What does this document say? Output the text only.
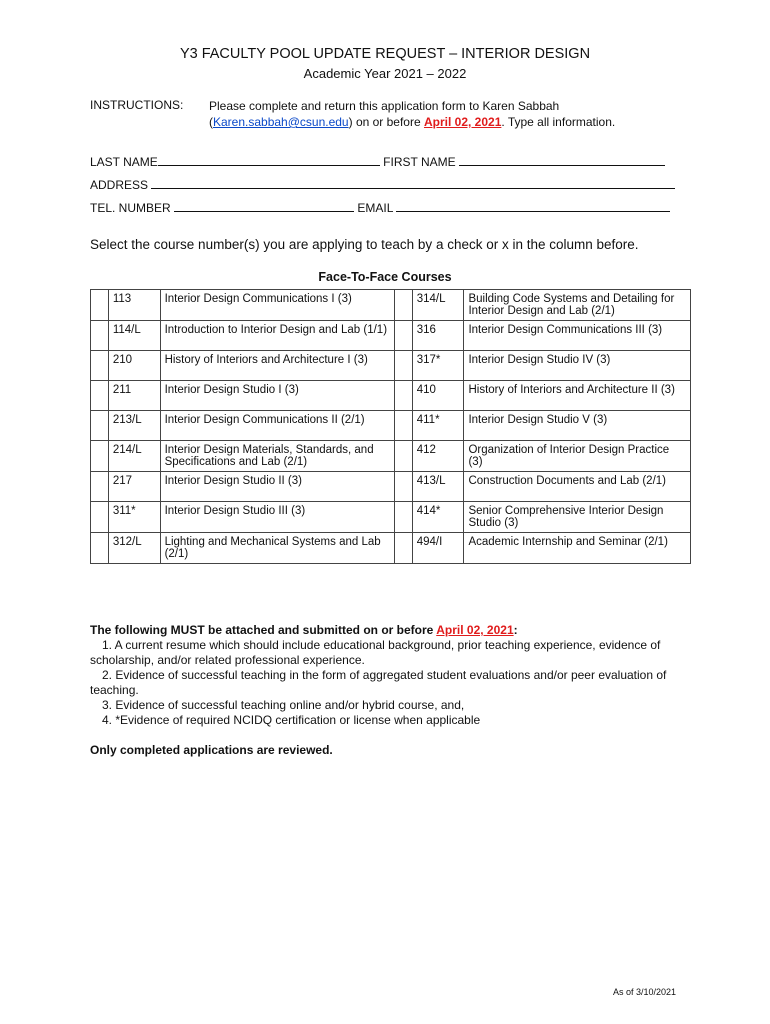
Y3 FACULTY POOL UPDATE REQUEST – INTERIOR DESIGN
Academic Year 2021 – 2022
INSTRUCTIONS: Please complete and return this application form to Karen Sabbah
(Karen.sabbah@csun.edu) on or before April 02, 2021. Type all information.
LAST NAME	FIRST NAME
ADDRESS
TEL. NUMBER	EMAIL
Select the course number(s) you are applying to teach by a check or x in the column before.
Face-To-Face Courses
	113	Interior Design Communications I (3)		314/L	Building Code Systems and Detailing for Interior Design and Lab (2/1)
	114/L	Introduction to Interior Design and Lab (1/1)		316	Interior Design Communications III (3)
	210	History of Interiors and Architecture I (3)		317*	Interior Design Studio IV (3)
	211	Interior Design Studio I (3)		410	History of Interiors and Architecture II (3)
	213/L	Interior Design Communications II (2/1)		411*	Interior Design Studio V (3)
	214/L	Interior Design Materials, Standards, and Specifications and Lab (2/1)		412	Organization of Interior Design Practice (3)
	217	Interior Design Studio II (3)		413/L	Construction Documents and Lab (2/1)
	311*	Interior Design Studio III (3)		414*	Senior Comprehensive Interior Design Studio (3)
	312/L	Lighting and Mechanical Systems and Lab (2/1)		494/I	Academic Internship and Seminar (2/1)
The following MUST be attached and submitted on or before April 02, 2021:
1. A current resume which should include educational background, prior teaching experience, evidence of scholarship, and/or related professional experience.
2. Evidence of successful teaching in the form of aggregated student evaluations and/or peer evaluation of teaching.
3. Evidence of successful teaching online and/or hybrid course, and,
4. *Evidence of required NCIDQ certification or license when applicable
Only completed applications are reviewed.
As of 3/10/2021
